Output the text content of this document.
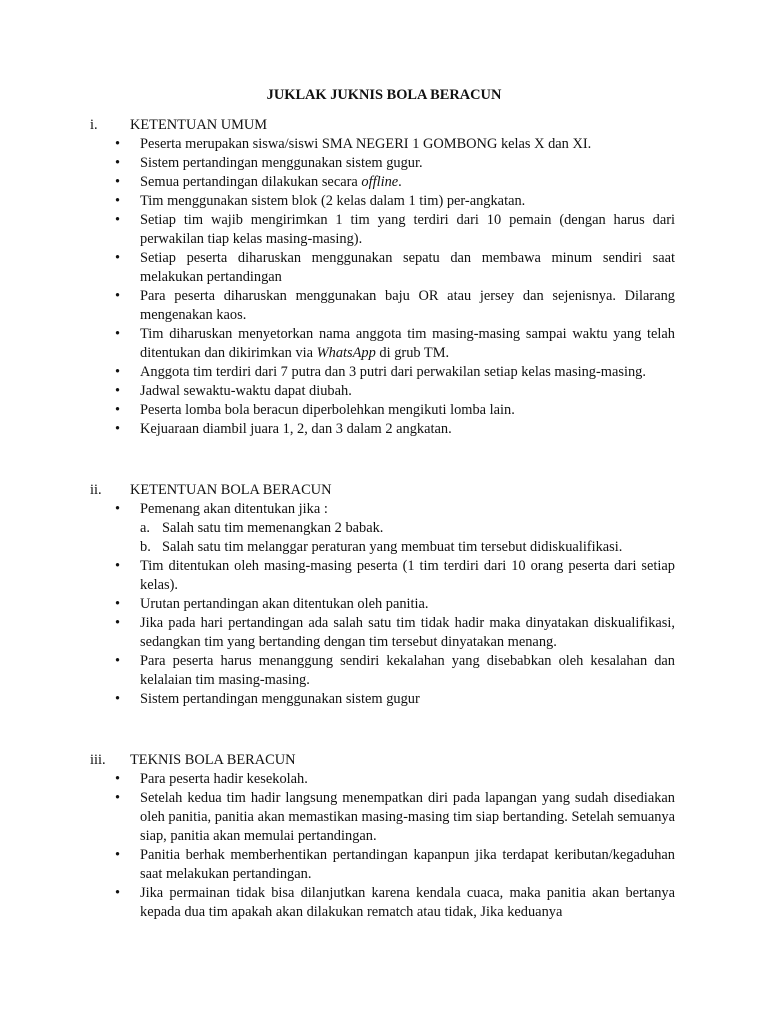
JUKLAK JUKNIS BOLA BERACUN
i. KETENTUAN UMUM
• Peserta merupakan siswa/siswi SMA NEGERI 1 GOMBONG kelas X dan XI.
• Sistem pertandingan menggunakan sistem gugur.
• Semua pertandingan dilakukan secara offline.
• Tim menggunakan sistem blok (2 kelas dalam 1 tim) per-angkatan.
• Setiap tim wajib mengirimkan 1 tim yang terdiri dari 10 pemain (dengan harus dari perwakilan tiap kelas masing-masing).
• Setiap peserta diharuskan menggunakan sepatu dan membawa minum sendiri saat melakukan pertandingan
• Para peserta diharuskan menggunakan baju OR atau jersey dan sejenisnya. Dilarang mengenakan kaos.
• Tim diharuskan menyetorkan nama anggota tim masing-masing sampai waktu yang telah ditentukan dan dikirimkan via WhatsApp di grub TM.
• Anggota tim terdiri dari 7 putra dan 3 putri dari perwakilan setiap kelas masing-masing.
• Jadwal sewaktu-waktu dapat diubah.
• Peserta lomba bola beracun diperbolehkan mengikuti lomba lain.
• Kejuaraan diambil juara 1, 2, dan 3 dalam 2 angkatan.
ii. KETENTUAN BOLA BERACUN
• Pemenang akan ditentukan jika :
a. Salah satu tim memenangkan 2 babak.
b. Salah satu tim melanggar peraturan yang membuat tim tersebut didiskualifikasi.
• Tim ditentukan oleh masing-masing peserta (1 tim terdiri dari 10 orang peserta dari setiap kelas).
• Urutan pertandingan akan ditentukan oleh panitia.
• Jika pada hari pertandingan ada salah satu tim tidak hadir maka dinyatakan diskualifikasi, sedangkan tim yang bertanding dengan tim tersebut dinyatakan menang.
• Para peserta harus menanggung sendiri kekalahan yang disebabkan oleh kesalahan dan kelalaian tim masing-masing.
• Sistem pertandingan menggunakan sistem gugur
iii. TEKNIS BOLA BERACUN
• Para peserta hadir kesekolah.
• Setelah kedua tim hadir langsung menempatkan diri pada lapangan yang sudah disediakan oleh panitia, panitia akan memastikan masing-masing tim siap bertanding. Setelah semuanya siap, panitia akan memulai pertandingan.
• Panitia berhak memberhentikan pertandingan kapanpun jika terdapat keributan/kegaduhan saat melakukan pertandingan.
• Jika permainan tidak bisa dilanjutkan karena kendala cuaca, maka panitia akan bertanya kepada dua tim apakah akan dilakukan rematch atau tidak, Jika keduanya
